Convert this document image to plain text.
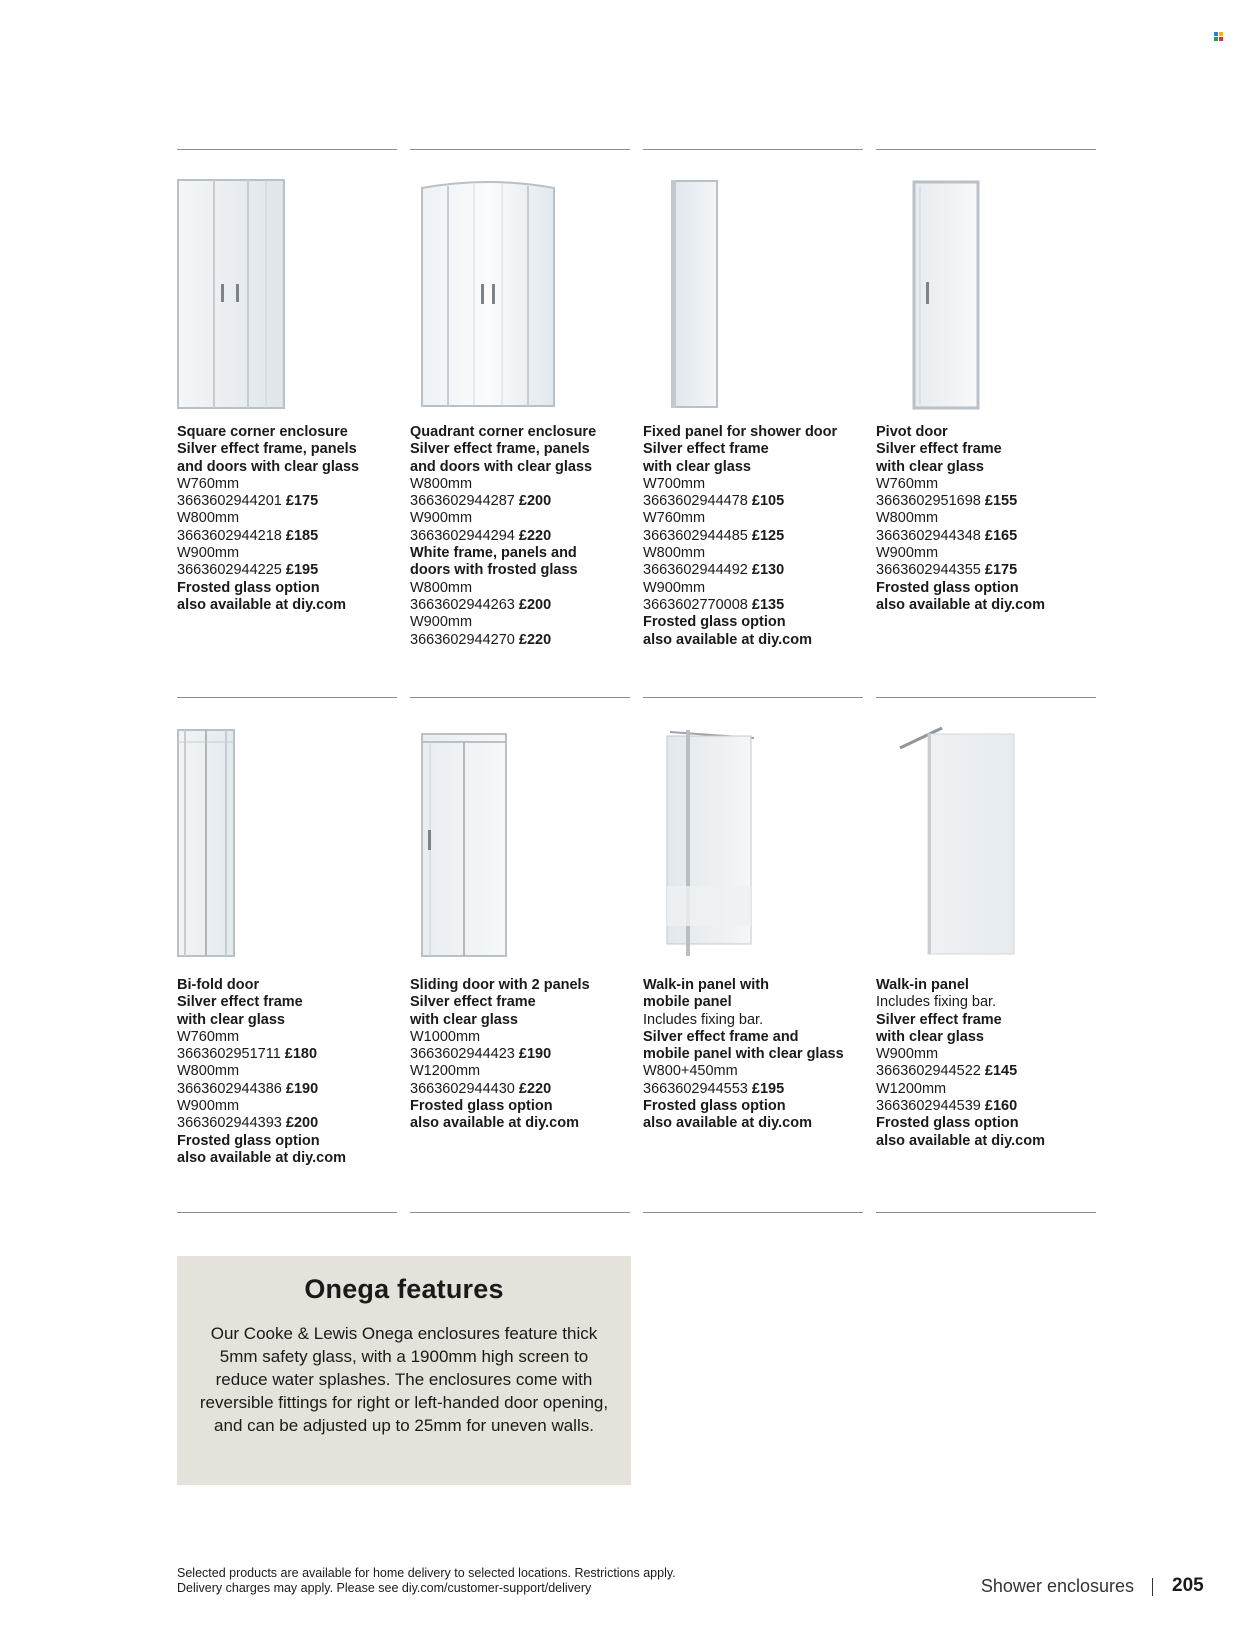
Square corner enclosure
Silver effect frame, panels
and doors with clear glass
W760mm
3663602944201 £175
W800mm
3663602944218 £185
W900mm
3663602944225 £195
Frosted glass option
also available at diy.com
Quadrant corner enclosure
Silver effect frame, panels
and doors with clear glass
W800mm
3663602944287 £200
W900mm
3663602944294 £220
White frame, panels and
doors with frosted glass
W800mm
3663602944263 £200
W900mm
3663602944270 £220
Fixed panel for shower door
Silver effect frame
with clear glass
W700mm
3663602944478 £105
W760mm
3663602944485 £125
W800mm
3663602944492 £130
W900mm
3663602770008 £135
Frosted glass option
also available at diy.com
Pivot door
Silver effect frame
with clear glass
W760mm
3663602951698 £155
W800mm
3663602944348 £165
W900mm
3663602944355 £175
Frosted glass option
also available at diy.com
Bi-fold door
Silver effect frame
with clear glass
W760mm
3663602951711 £180
W800mm
3663602944386 £190
W900mm
3663602944393 £200
Frosted glass option
also available at diy.com
Sliding door with 2 panels
Silver effect frame
with clear glass
W1000mm
3663602944423 £190
W1200mm
3663602944430 £220
Frosted glass option
also available at diy.com
Walk-in panel with
mobile panel
Includes fixing bar.
Silver effect frame and
mobile panel with clear glass
W800+450mm
3663602944553 £195
Frosted glass option
also available at diy.com
Walk-in panel
Includes fixing bar.
Silver effect frame
with clear glass
W900mm
3663602944522 £145
W1200mm
3663602944539 £160
Frosted glass option
also available at diy.com
Onega features

Our Cooke & Lewis Onega enclosures feature thick 5mm safety glass, with a 1900mm high screen to reduce water splashes. The enclosures come with reversible fittings for right or left-handed door opening, and can be adjusted up to 25mm for uneven walls.

Selected products are available for home delivery to selected locations. Restrictions apply.
Delivery charges may apply. Please see diy.com/customer-support/delivery	Shower enclosures 205
